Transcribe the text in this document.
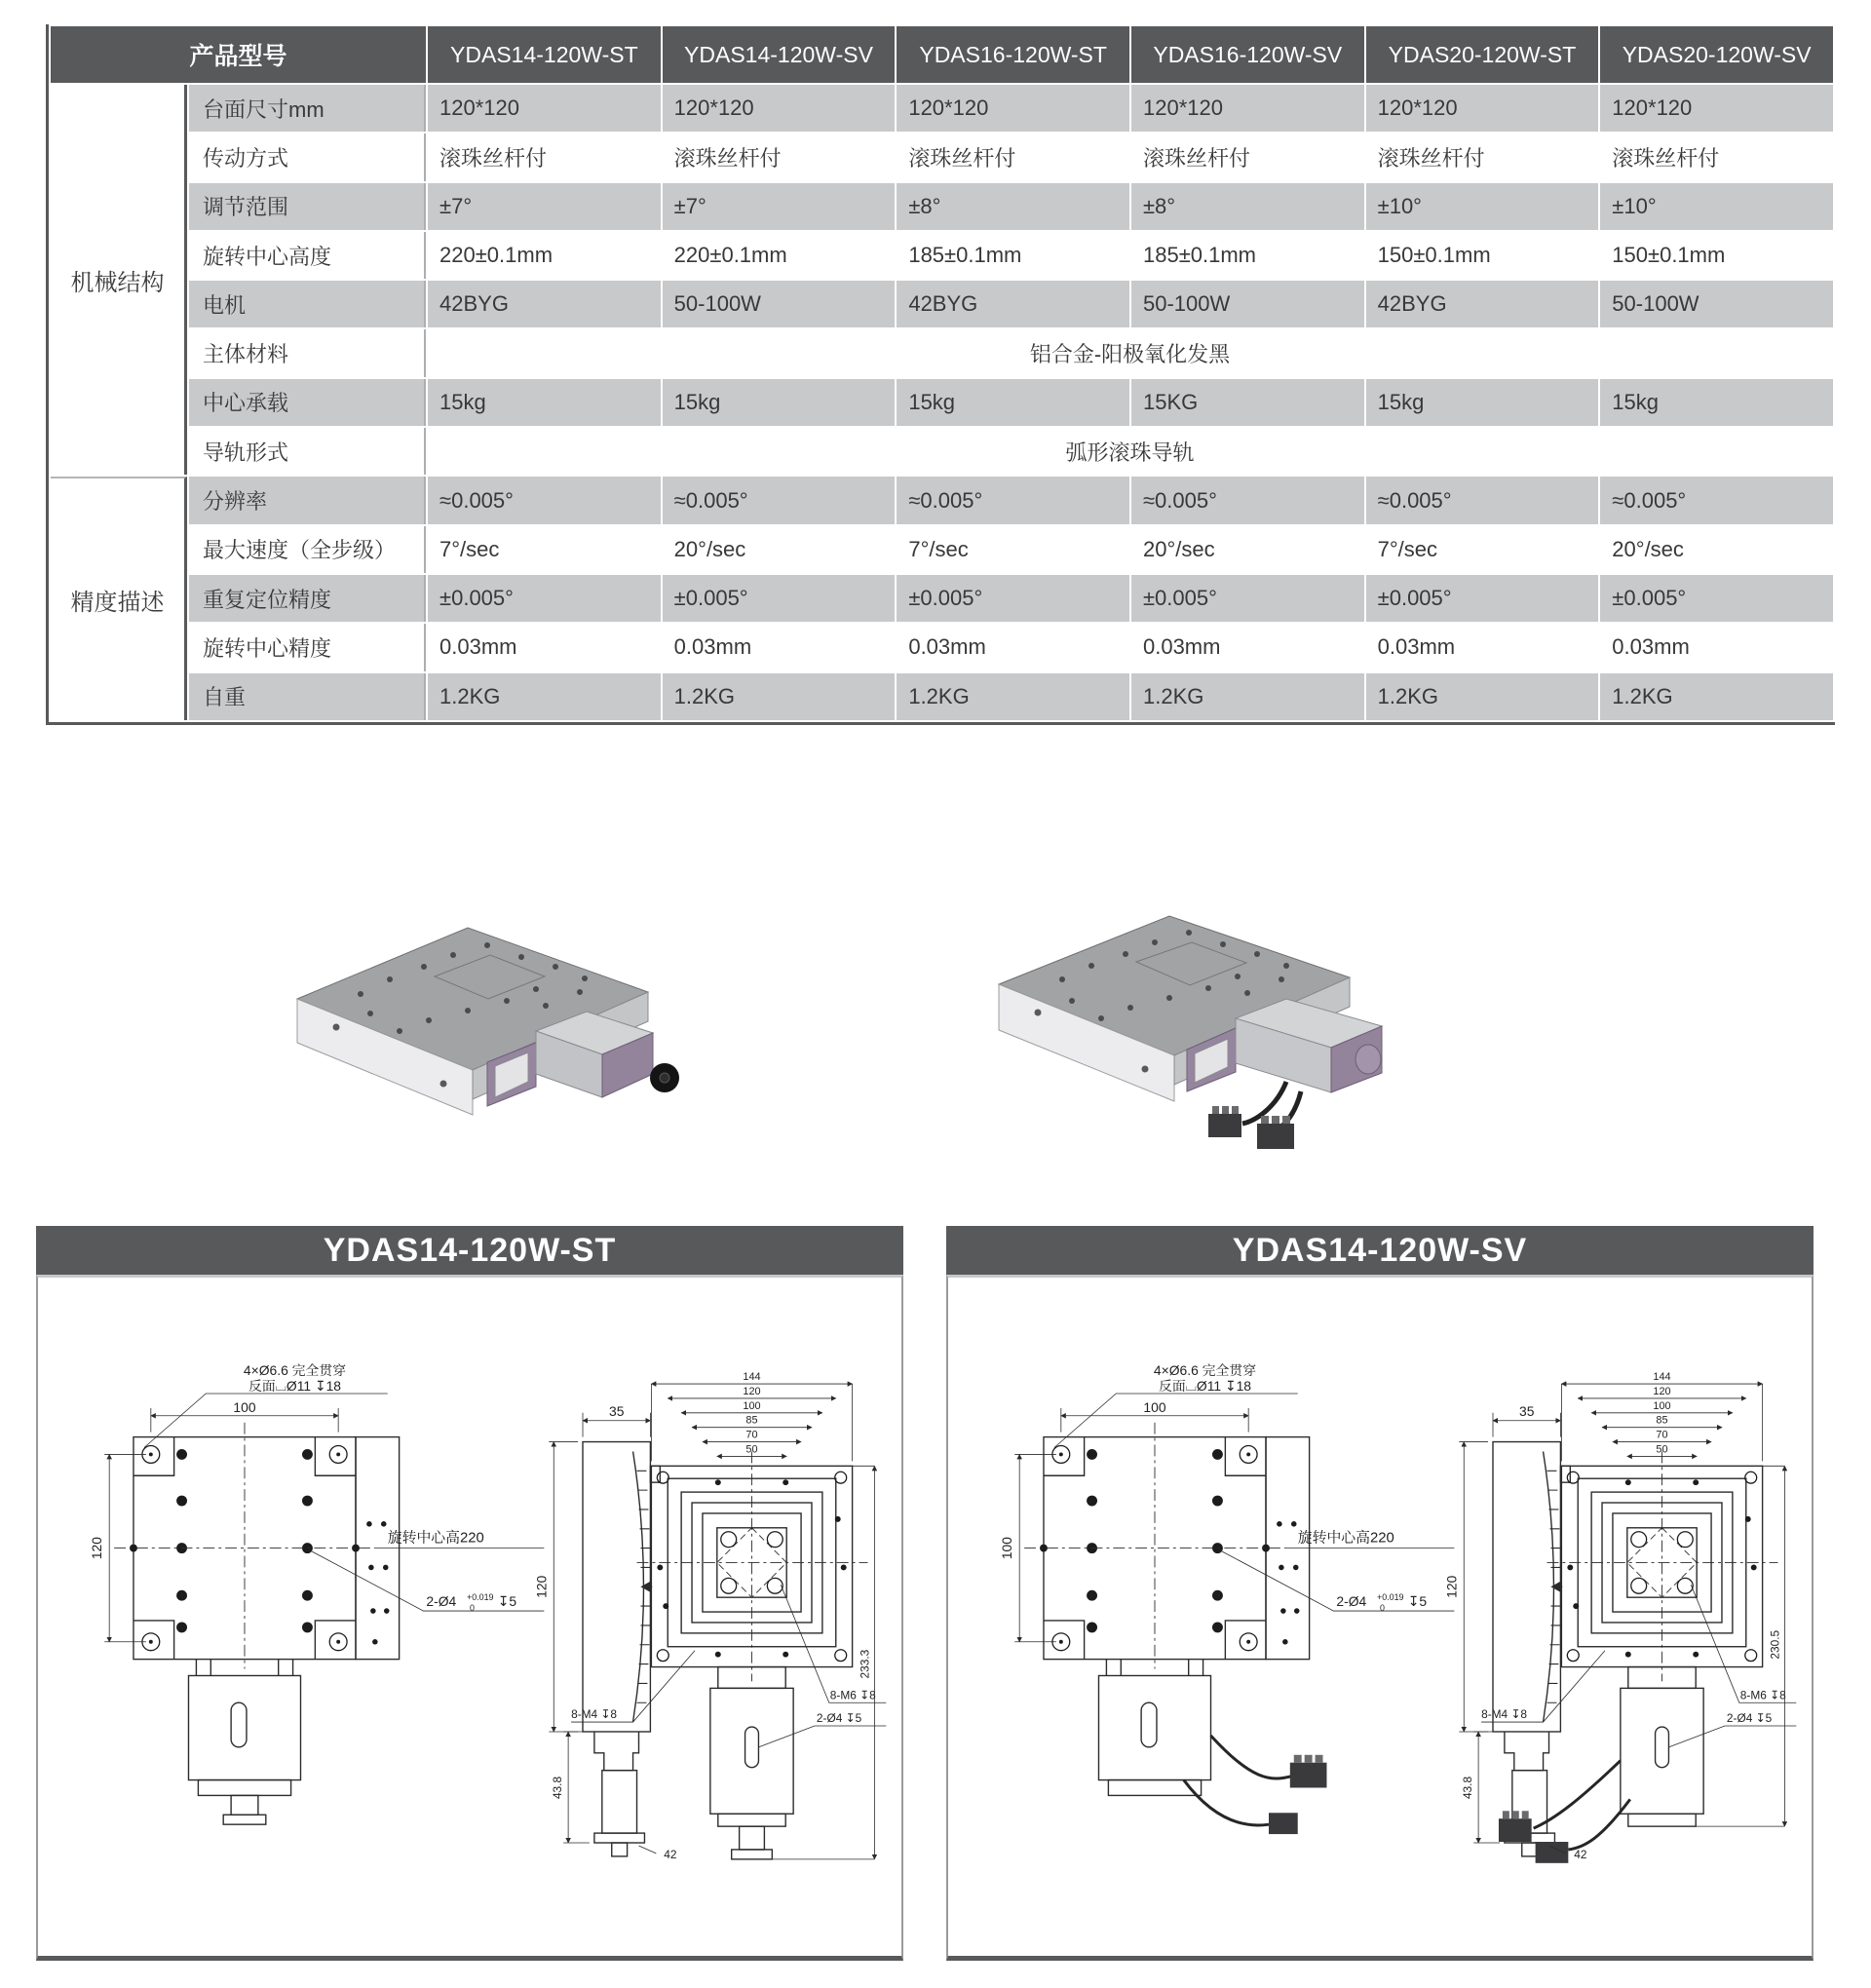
产品型号		YDAS14-120W-ST	YDAS14-120W-SV	YDAS16-120W-ST	YDAS16-120W-SV	YDAS20-120W-ST	YDAS20-120W-SV
机械结构	台面尺寸mm	120*120	120*120	120*120	120*120	120*120	120*120
	传动方式	滚珠丝杆付	滚珠丝杆付	滚珠丝杆付	滚珠丝杆付	滚珠丝杆付	滚珠丝杆付
	调节范围	±7°	±7°	±8°	±8°	±10°	±10°
	旋转中心高度	220±0.1mm	220±0.1mm	185±0.1mm	185±0.1mm	150±0.1mm	150±0.1mm
	电机	42BYG	50-100W	42BYG	50-100W	42BYG	50-100W
	主体材料	铝合金-阳极氧化发黑					
	中心承载	15kg	15kg	15kg	15KG	15kg	15kg
	导轨形式	弧形滚珠导轨					
精度描述	分辨率	≈0.005°	≈0.005°	≈0.005°	≈0.005°	≈0.005°	≈0.005°
	最大速度（全步级）	7°/sec	20°/sec	7°/sec	20°/sec	7°/sec	20°/sec
	重复定位精度	±0.005°	±0.005°	±0.005°	±0.005°	±0.005°	±0.005°
	旋转中心精度	0.03mm	0.03mm	0.03mm	0.03mm	0.03mm	0.03mm
	自重	1.2KG	1.2KG	1.2KG	1.2KG	1.2KG	1.2KG
YDAS14-120W-ST
4×Ø6.6 完全贯穿
反面⌴Ø11 ↧18
100
120	旋转中心高220
2-Ø4 +0.019
0 ↧5
35
120
43.8
42
144
120
100
85
70
50
233.3
8-M4 ↧8
8-M6 ↧8
2-Ø4 ↧5
YDAS14-120W-SV
4×Ø6.6 完全贯穿
反面⌴Ø11 ↧18
100
100	旋转中心高220
2-Ø4 +0.019
0 ↧5
35
120
43.8
42
144
120
100
85
70
50
230.5
8-M4 ↧8
8-M6 ↧8
2-Ø4 ↧5
